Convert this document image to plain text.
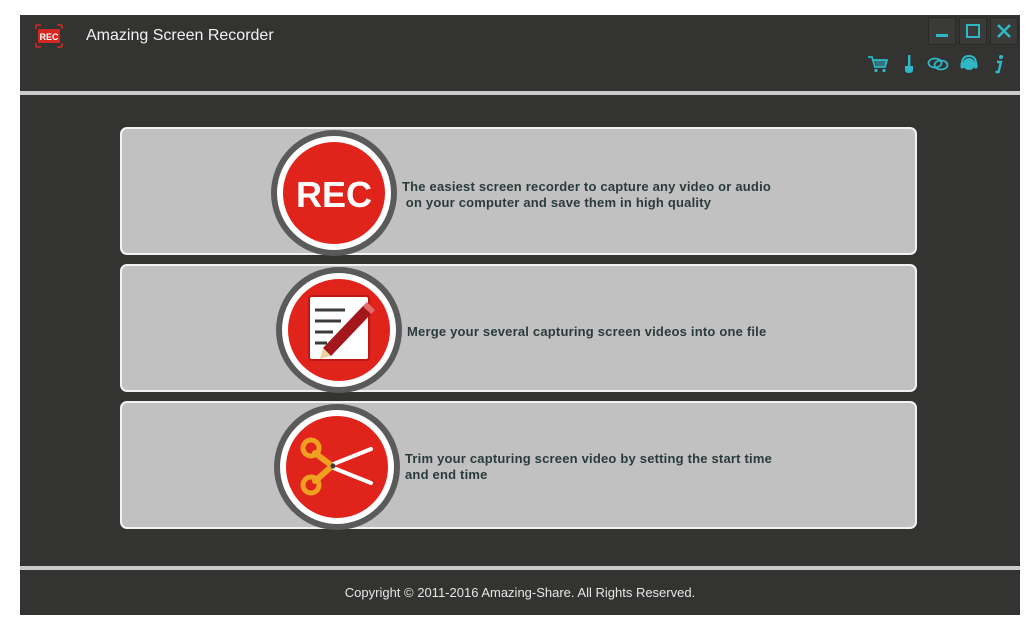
REC Amazing Screen Recorder
REC The easiest screen recorder to capture any video or audio
on your computer and save them in high quality
Merge your several capturing screen videos into one file
Trim your capturing screen video by setting the start time
and end time
Copyright © 2011-2016 Amazing-Share. All Rights Reserved.
